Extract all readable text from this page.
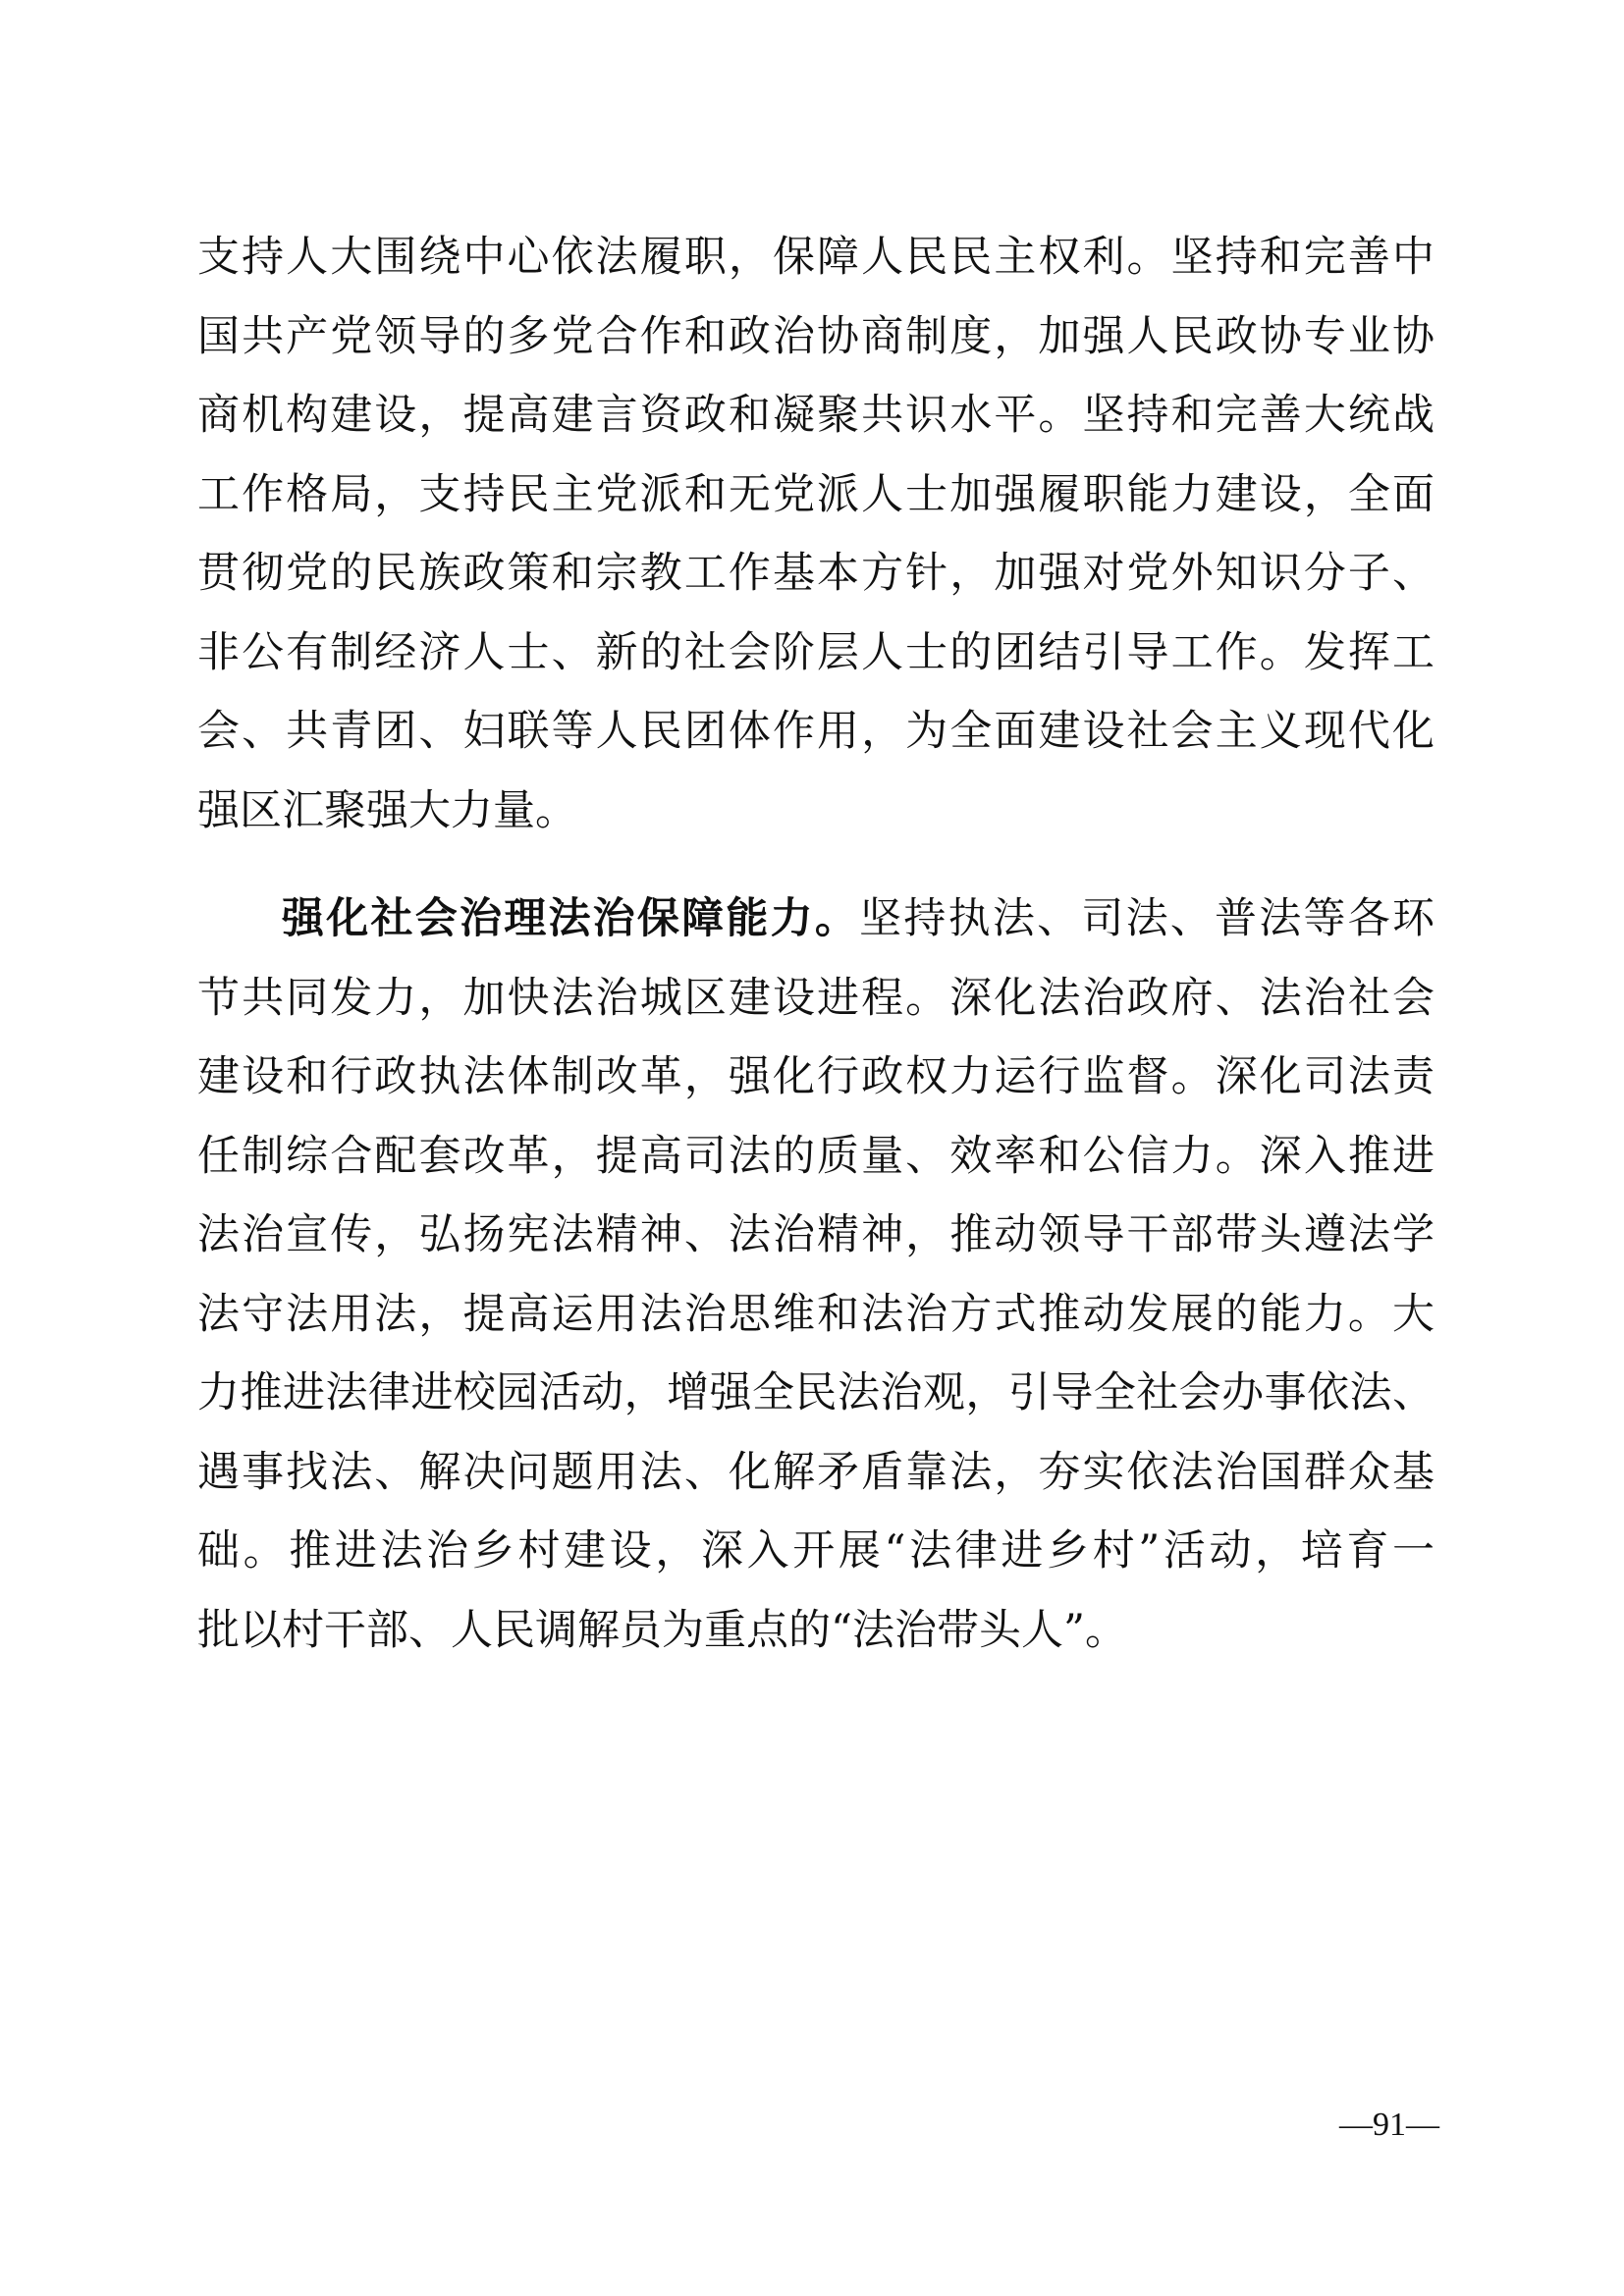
支持人大围绕中心依法履职，保障人民民主权利。坚持和完善中
国共产党领导的多党合作和政治协商制度，加强人民政协专业协
商机构建设，提高建言资政和凝聚共识水平。坚持和完善大统战
工作格局，支持民主党派和无党派人士加强履职能力建设，全面
贯彻党的民族政策和宗教工作基本方针，加强对党外知识分子、
非公有制经济人士、新的社会阶层人士的团结引导工作。发挥工
会、共青团、妇联等人民团体作用，为全面建设社会主义现代化
强区汇聚强大力量。
强化社会治理法治保障能力。坚持执法、司法、普法等各环
节共同发力，加快法治城区建设进程。深化法治政府、法治社会
建设和行政执法体制改革，强化行政权力运行监督。深化司法责
任制综合配套改革，提高司法的质量、效率和公信力。深入推进
法治宣传，弘扬宪法精神、法治精神，推动领导干部带头遵法学
法守法用法，提高运用法治思维和法治方式推动发展的能力。大
力推进法律进校园活动，增强全民法治观，引导全社会办事依法、
遇事找法、解决问题用法、化解矛盾靠法，夯实依法治国群众基
础。推进法治乡村建设，深入开展“法律进乡村”活动，培育一
批以村干部、人民调解员为重点的“法治带头人”。
—91—
